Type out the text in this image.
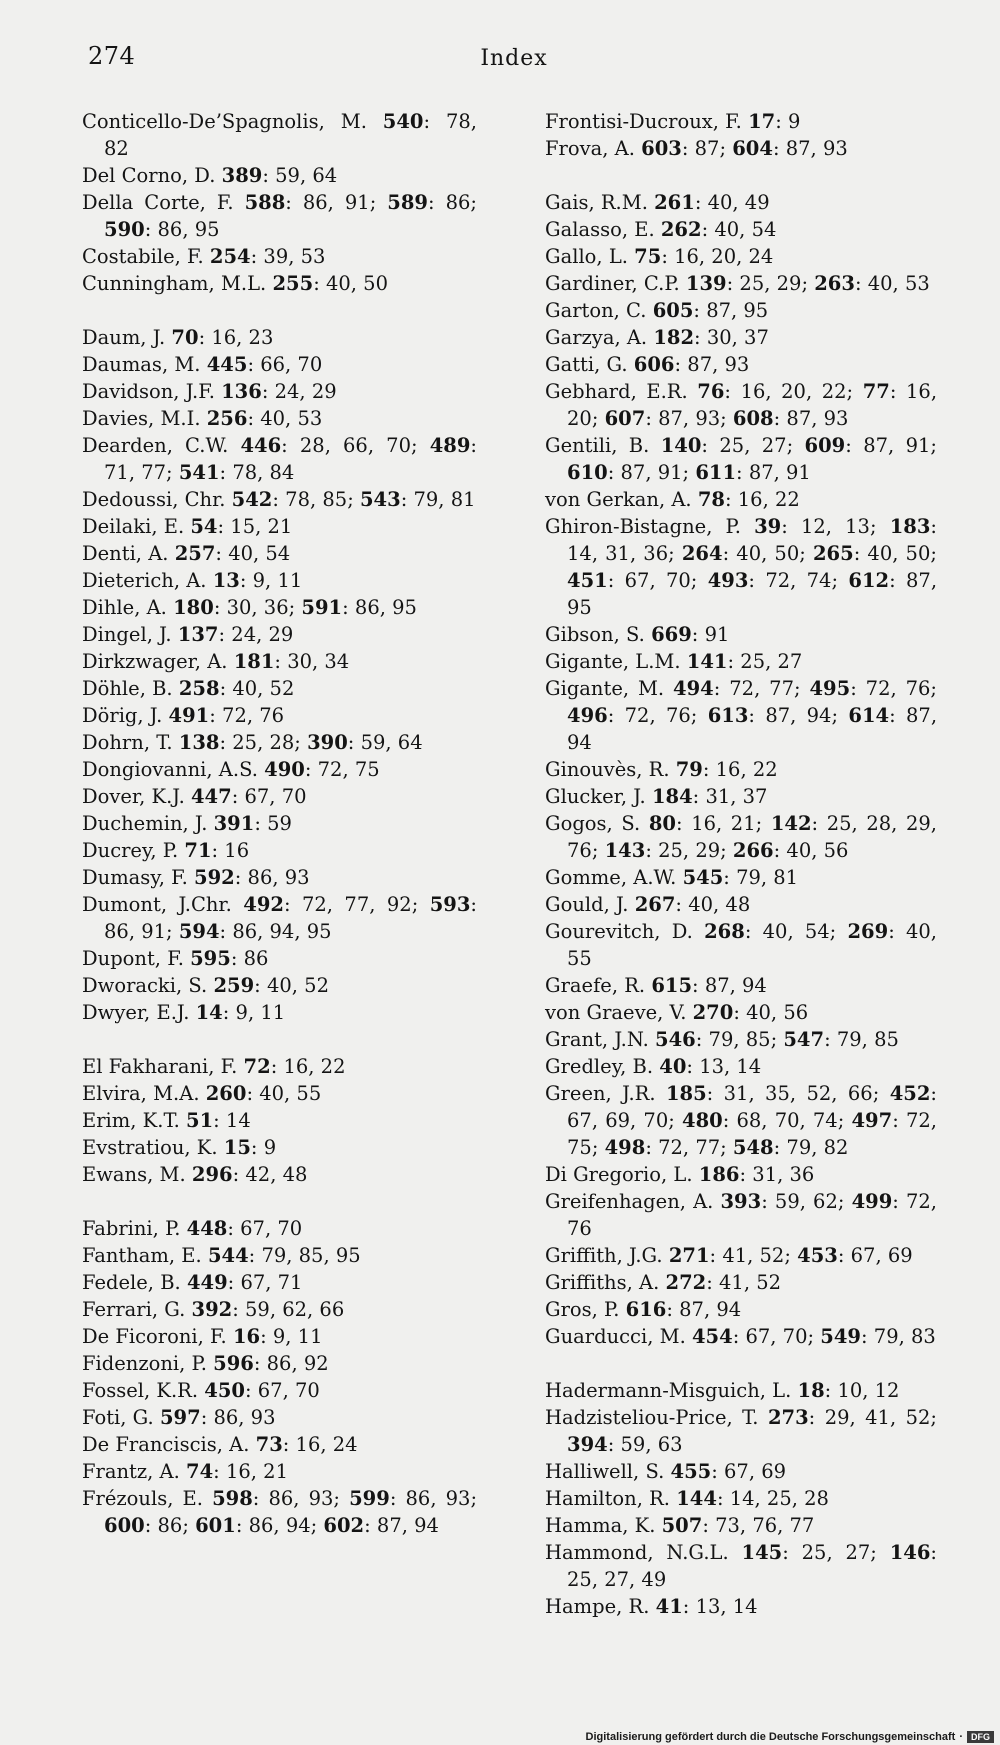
274	Index
Conticello-De’Spagnolis, M. 540: 78, 82
Del Corno, D. 389: 59, 64
Della Corte, F. 588: 86, 91; 589: 86; 590: 86, 95
Costabile, F. 254: 39, 53
Cunningham, M.L. 255: 40, 50
Daum, J. 70: 16, 23
Daumas, M. 445: 66, 70
Davidson, J.F. 136: 24, 29
Davies, M.I. 256: 40, 53
Dearden, C.W. 446: 28, 66, 70; 489: 71, 77; 541: 78, 84
Dedoussi, Chr. 542: 78, 85; 543: 79, 81
Deilaki, E. 54: 15, 21
Denti, A. 257: 40, 54
Dieterich, A. 13: 9, 11
Dihle, A. 180: 30, 36; 591: 86, 95
Dingel, J. 137: 24, 29
Dirkzwager, A. 181: 30, 34
Döhle, B. 258: 40, 52
Dörig, J. 491: 72, 76
Dohrn, T. 138: 25, 28; 390: 59, 64
Dongiovanni, A.S. 490: 72, 75
Dover, K.J. 447: 67, 70
Duchemin, J. 391: 59
Ducrey, P. 71: 16
Dumasy, F. 592: 86, 93
Dumont, J.Chr. 492: 72, 77, 92; 593: 86, 91; 594: 86, 94, 95
Dupont, F. 595: 86
Dworacki, S. 259: 40, 52
Dwyer, E.J. 14: 9, 11
El Fakharani, F. 72: 16, 22
Elvira, M.A. 260: 40, 55
Erim, K.T. 51: 14
Evstratiou, K. 15: 9
Ewans, M. 296: 42, 48
Fabrini, P. 448: 67, 70
Fantham, E. 544: 79, 85, 95
Fedele, B. 449: 67, 71
Ferrari, G. 392: 59, 62, 66
De Ficoroni, F. 16: 9, 11
Fidenzoni, P. 596: 86, 92
Fossel, K.R. 450: 67, 70
Foti, G. 597: 86, 93
De Franciscis, A. 73: 16, 24
Frantz, A. 74: 16, 21
Frézouls, E. 598: 86, 93; 599: 86, 93; 600: 86; 601: 86, 94; 602: 87, 94
Frontisi-Ducroux, F. 17: 9
Frova, A. 603: 87; 604: 87, 93
Gais, R.M. 261: 40, 49
Galasso, E. 262: 40, 54
Gallo, L. 75: 16, 20, 24
Gardiner, C.P. 139: 25, 29; 263: 40, 53
Garton, C. 605: 87, 95
Garzya, A. 182: 30, 37
Gatti, G. 606: 87, 93
Gebhard, E.R. 76: 16, 20, 22; 77: 16, 20; 607: 87, 93; 608: 87, 93
Gentili, B. 140: 25, 27; 609: 87, 91; 610: 87, 91; 611: 87, 91
von Gerkan, A. 78: 16, 22
Ghiron-Bistagne, P. 39: 12, 13; 183: 14, 31, 36; 264: 40, 50; 265: 40, 50; 451: 67, 70; 493: 72, 74; 612: 87, 95
Gibson, S. 669: 91
Gigante, L.M. 141: 25, 27
Gigante, M. 494: 72, 77; 495: 72, 76; 496: 72, 76; 613: 87, 94; 614: 87, 94
Ginouvès, R. 79: 16, 22
Glucker, J. 184: 31, 37
Gogos, S. 80: 16, 21; 142: 25, 28, 29, 76; 143: 25, 29; 266: 40, 56
Gomme, A.W. 545: 79, 81
Gould, J. 267: 40, 48
Gourevitch, D. 268: 40, 54; 269: 40, 55
Graefe, R. 615: 87, 94
von Graeve, V. 270: 40, 56
Grant, J.N. 546: 79, 85; 547: 79, 85
Gredley, B. 40: 13, 14
Green, J.R. 185: 31, 35, 52, 66; 452: 67, 69, 70; 480: 68, 70, 74; 497: 72, 75; 498: 72, 77; 548: 79, 82
Di Gregorio, L. 186: 31, 36
Greifenhagen, A. 393: 59, 62; 499: 72, 76
Griffith, J.G. 271: 41, 52; 453: 67, 69
Griffiths, A. 272: 41, 52
Gros, P. 616: 87, 94
Guarducci, M. 454: 67, 70; 549: 79, 83
Hadermann-Misguich, L. 18: 10, 12
Hadzisteliou-Price, T. 273: 29, 41, 52; 394: 59, 63
Halliwell, S. 455: 67, 69
Hamilton, R. 144: 14, 25, 28
Hamma, K. 507: 73, 76, 77
Hammond, N.G.L. 145: 25, 27; 146: 25, 27, 49
Hampe, R. 41: 13, 14
Digitalisierung gefördert durch die Deutsche Forschungsgemeinschaft · DFG
